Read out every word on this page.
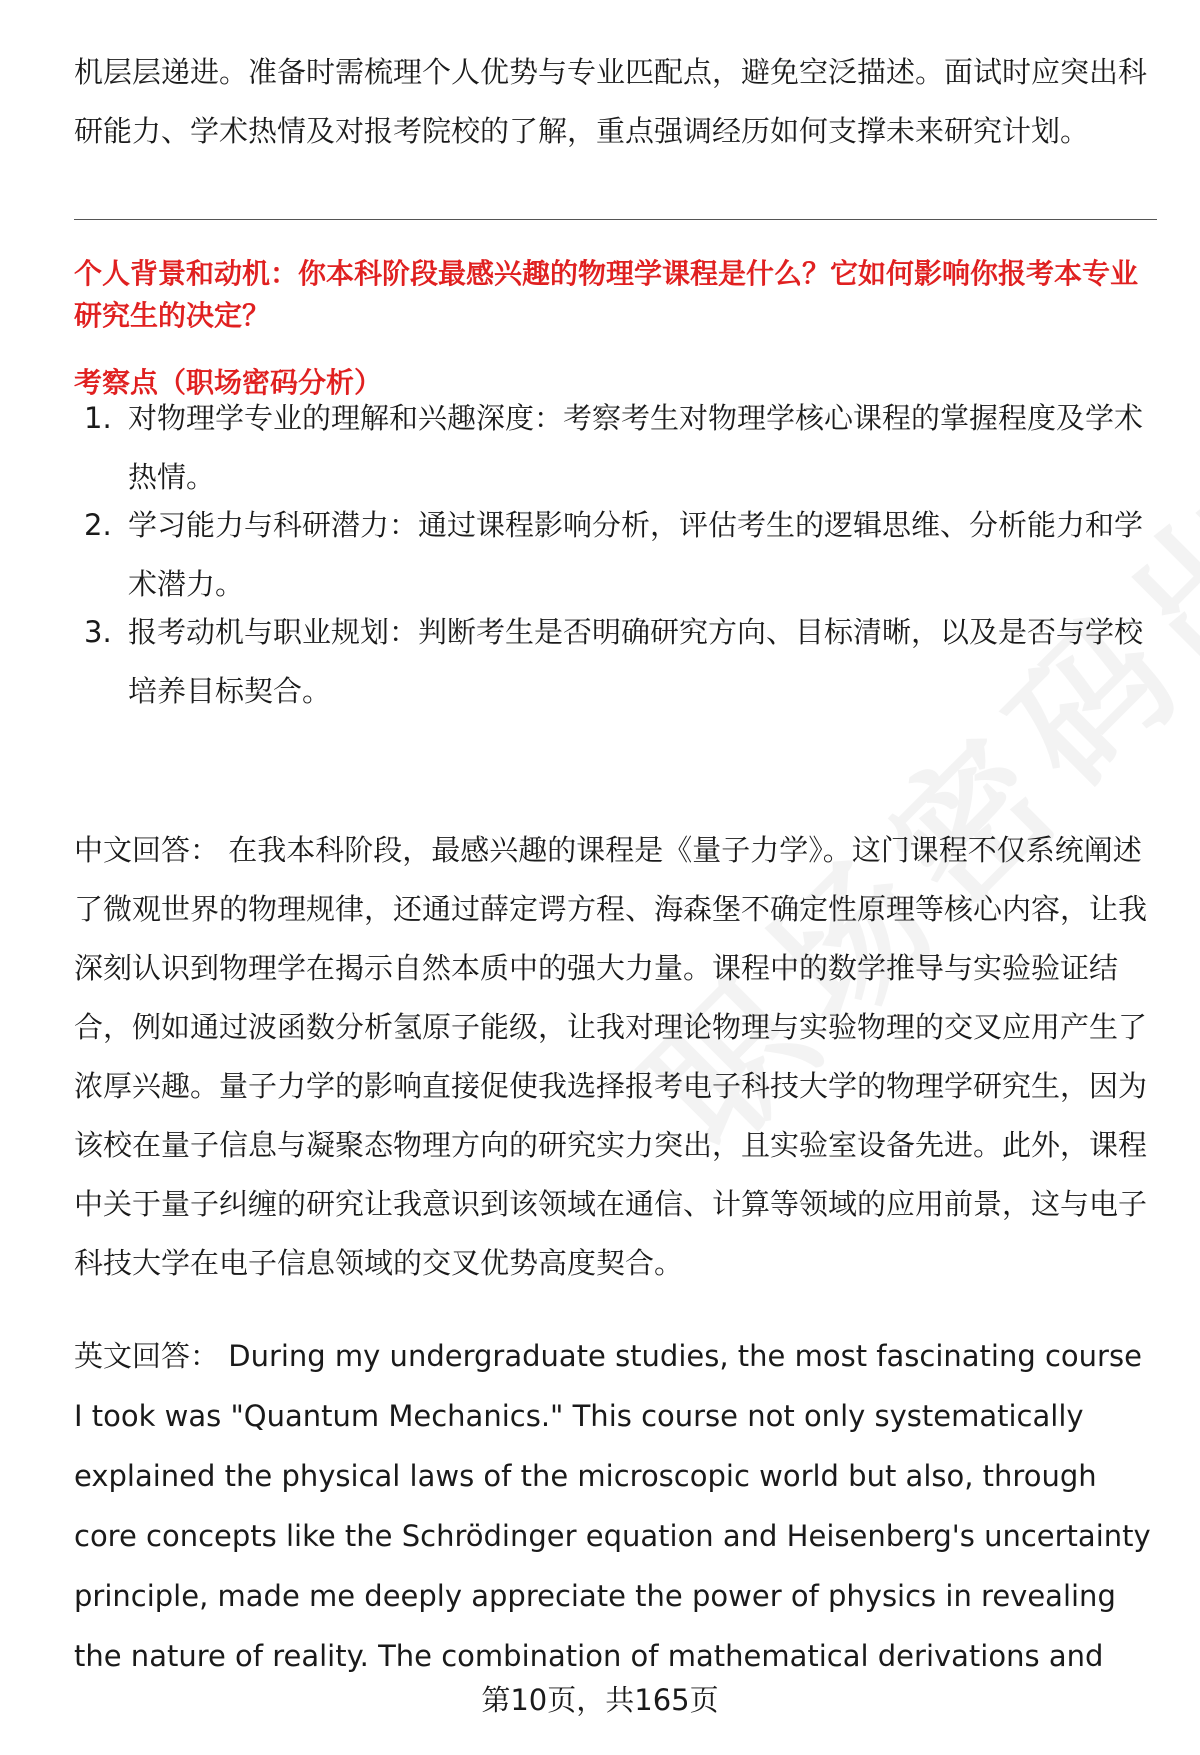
机层层递进。准备时需梳理个人优势与专业匹配点，避免空泛描述。面试时应突出科研能力、学术热情及对报考院校的了解，重点强调经历如何支撑未来研究计划。

个人背景和动机：你本科阶段最感兴趣的物理学课程是什么？它如何影响你报考本专业研究生的决定？

考察点（职场密码分析）

1. 对物理学专业的理解和兴趣深度：考察考生对物理学核心课程的掌握程度及学术热情。
2. 学习能力与科研潜力：通过课程影响分析，评估考生的逻辑思维、分析能力和学术潜力。
3. 报考动机与职业规划：判断考生是否明确研究方向、目标清晰，以及是否与学校培养目标契合。

中文回答： 在我本科阶段，最感兴趣的课程是《量子力学》。这门课程不仅系统阐述了微观世界的物理规律，还通过薛定谔方程、海森堡不确定性原理等核心内容，让我深刻认识到物理学在揭示自然本质中的强大力量。课程中的数学推导与实验验证结合，例如通过波函数分析氢原子能级，让我对理论物理与实验物理的交叉应用产生了浓厚兴趣。量子力学的影响直接促使我选择报考电子科技大学的物理学研究生，因为该校在量子信息与凝聚态物理方向的研究实力突出，且实验室设备先进。此外，课程中关于量子纠缠的研究让我意识到该领域在通信、计算等领域的应用前景，这与电子科技大学在电子信息领域的交叉优势高度契合。

英文回答： During my undergraduate studies, the most fascinating course I took was "Quantum Mechanics." This course not only systematically explained the physical laws of the microscopic world but also, through core concepts like the Schrödinger equation and Heisenberg's uncertainty principle, made me deeply appreciate the power of physics in revealing the nature of reality. The combination of mathematical derivations and

第10页，共165页
